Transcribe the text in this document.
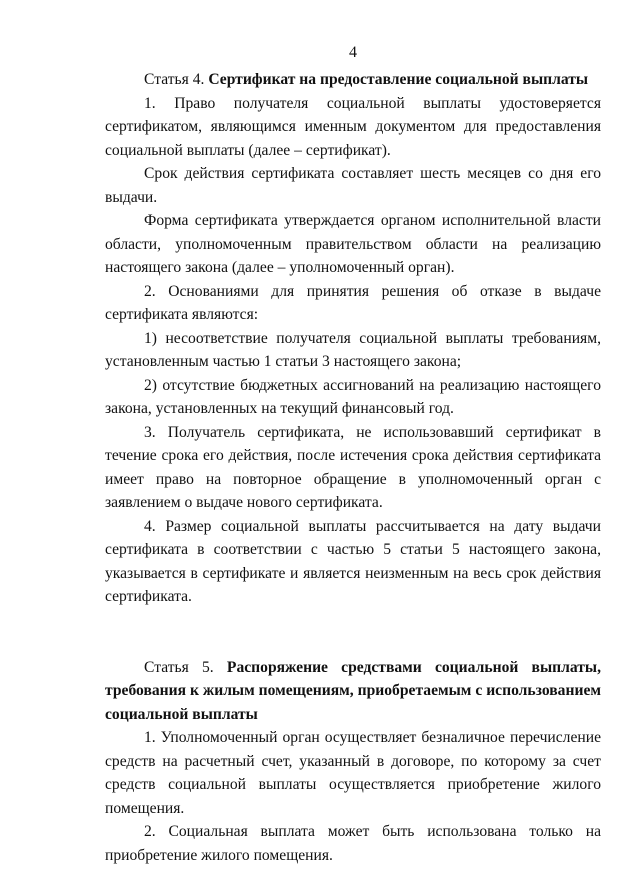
4
Статья 4. Сертификат на предоставление социальной выплаты

1. Право получателя социальной выплаты удостоверяется сертификатом, являющимся именным документом для предоставления социальной выплаты (далее – сертификат).

Срок действия сертификата составляет шесть месяцев со дня его выдачи.

Форма сертификата утверждается органом исполнительной власти области, уполномоченным правительством области на реализацию настоящего закона (далее – уполномоченный орган).

2. Основаниями для принятия решения об отказе в выдаче сертификата являются:

1) несоответствие получателя социальной выплаты требованиям, установленным частью 1 статьи 3 настоящего закона;

2) отсутствие бюджетных ассигнований на реализацию настоящего закона, установленных на текущий финансовый год.

3. Получатель сертификата, не использовавший сертификат в течение срока его действия, после истечения срока действия сертификата имеет право на повторное обращение в уполномоченный орган с заявлением о выдаче нового сертификата.

4. Размер социальной выплаты рассчитывается на дату выдачи сертификата в соответствии с частью 5 статьи 5 настоящего закона, указывается в сертификате и является неизменным на весь срок действия сертификата.

Статья 5. Распоряжение средствами социальной выплаты, требования к жилым помещениям, приобретаемым с использованием социальной выплаты

1. Уполномоченный орган осуществляет безналичное перечисление средств на расчетный счет, указанный в договоре, по которому за счет средств социальной выплаты осуществляется приобретение жилого помещения.

2. Социальная выплата может быть использована только на приобретение жилого помещения.
